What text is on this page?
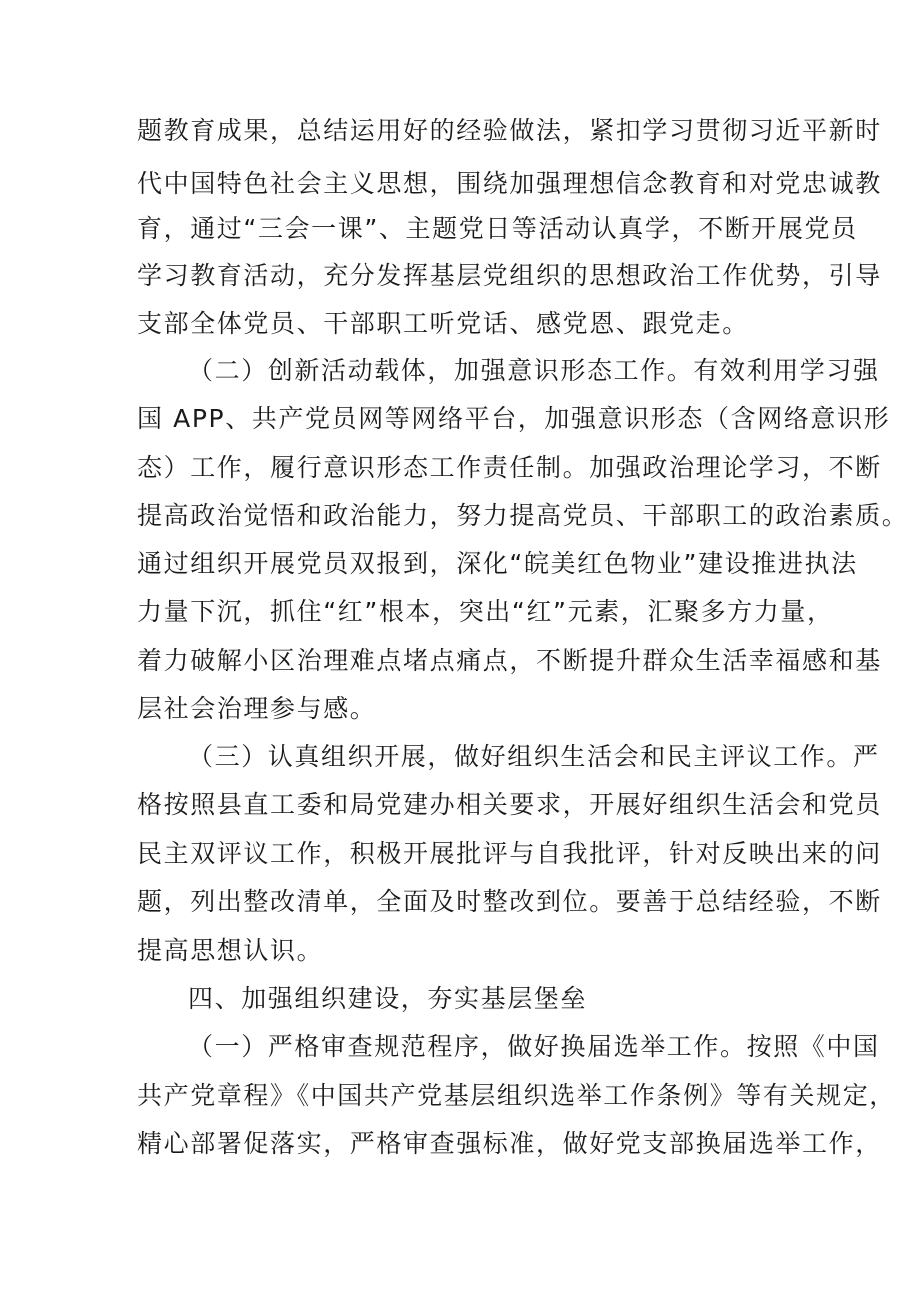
题教育成果，总结运用好的经验做法，紧扣学习贯彻习近平新时
代中国特色社会主义思想，围绕加强理想信念教育和对党忠诚教
育，通过“三会一课”、主题党日等活动认真学，不断开展党员
学习教育活动，充分发挥基层党组织的思想政治工作优势，引导
支部全体党员、干部职工听党话、感党恩、跟党走。
（二）创新活动载体，加强意识形态工作。有效利用学习强
国 APP、共产党员网等网络平台，加强意识形态（含网络意识形
态）工作，履行意识形态工作责任制。加强政治理论学习，不断
提高政治觉悟和政治能力，努力提高党员、干部职工的政治素质。
通过组织开展党员双报到，深化“皖美红色物业”建设推进执法
力量下沉，抓住“红”根本，突出“红”元素，汇聚多方力量，
着力破解小区治理难点堵点痛点，不断提升群众生活幸福感和基
层社会治理参与感。
（三）认真组织开展，做好组织生活会和民主评议工作。严
格按照县直工委和局党建办相关要求，开展好组织生活会和党员
民主双评议工作，积极开展批评与自我批评，针对反映出来的问
题，列出整改清单，全面及时整改到位。要善于总结经验，不断
提高思想认识。
四、加强组织建设，夯实基层堡垒
（一）严格审查规范程序，做好换届选举工作。按照《中国
共产党章程》《中国共产党基层组织选举工作条例》等有关规定，
精心部署促落实，严格审查强标准，做好党支部换届选举工作，
